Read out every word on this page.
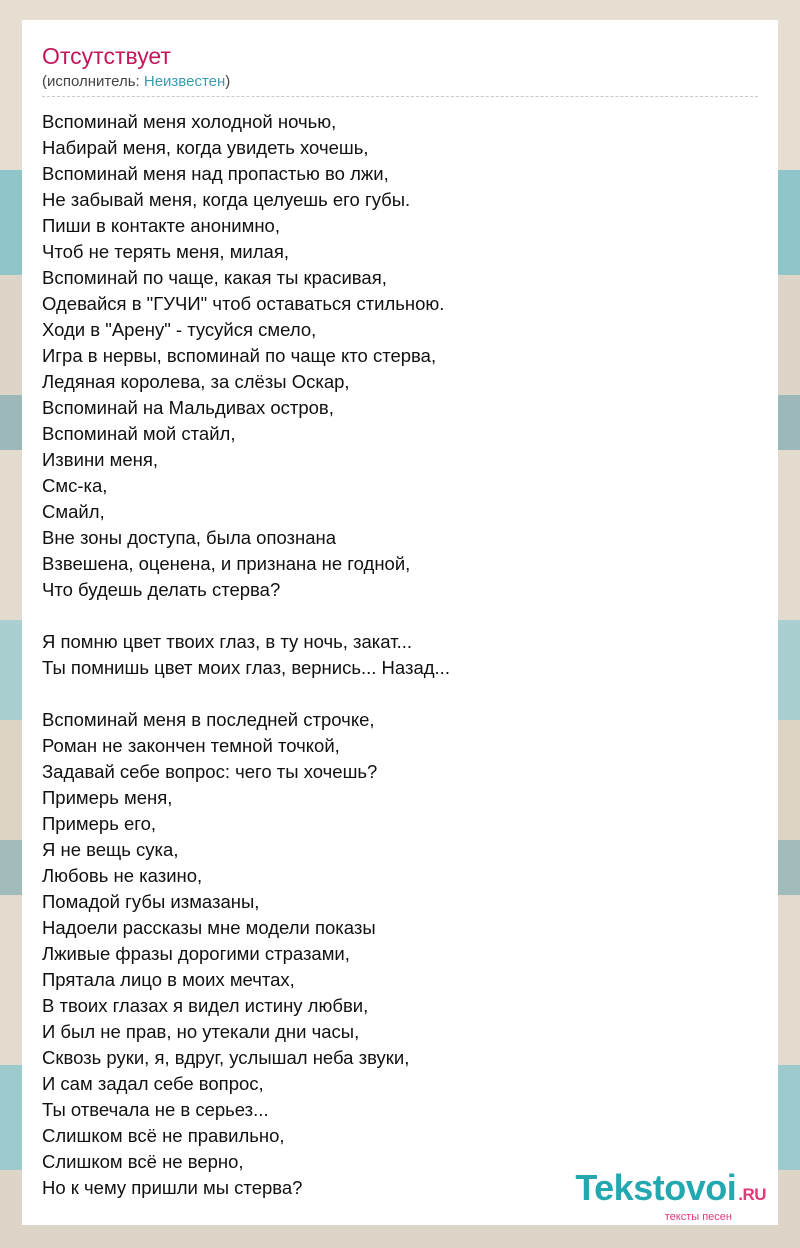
Отсутствует
(исполнитель: Неизвестен)
Вспоминай меня холодной ночью,
Набирай меня, когда увидеть хочешь,
Вспоминай меня над пропастью во лжи,
Не забывай меня, когда целуешь его губы.
Пиши в контакте анонимно,
Чтоб не терять меня, милая,
Вспоминай по чаще, какая ты красивая,
Одевайся в "ГУЧИ" чтоб оставаться стильною.
Ходи в "Арену" - тусуйся смело,
Игра в нервы, вспоминай по чаще кто стерва,
Ледяная королева, за слёзы Оскар,
Вспоминай на Мальдивах остров,
Вспоминай мой стайл,
Извини меня,
Смс-ка,
Смайл,
Вне зоны доступа, была опознана
Взвешена, оценена, и признана не годной,
Что будешь делать стерва?
Я помню цвет твоих глаз, в ту ночь, закат...
Ты помнишь цвет моих глаз, вернись... Назад...
Вспоминай меня в последней строчке,
Роман не закончен темной точкой,
Задавай себе вопрос: чего ты хочешь?
Примерь меня,
Примерь его,
Я не вещь сука,
Любовь не казино,
Помадой губы измазаны,
Надоели рассказы мне модели показы
Лживые фразы дорогими стразами,
Прятала лицо в моих мечтах,
В твоих глазах я видел истину любви,
И был не прав, но утекали дни часы,
Сквозь руки, я, вдруг, услышал неба звуки,
И сам задал себе вопрос,
Ты отвечала не в серьез...
Слишком всё не правильно,
Слишком всё не верно,
Но к чему пришли мы стерва?	Tekstovoi .RU
тексты песен
